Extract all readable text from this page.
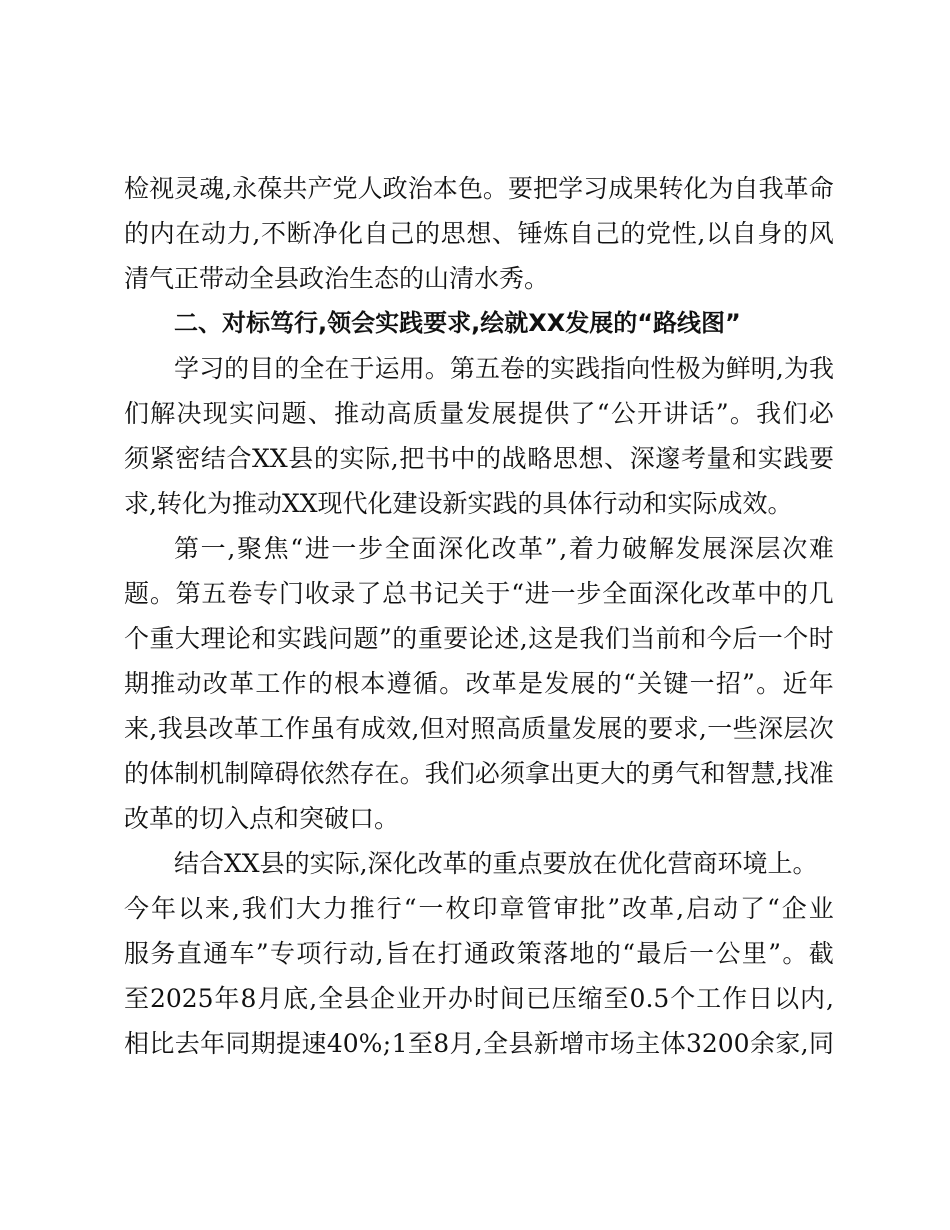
检 视 灵 魂 , 永 葆 共 产 党 人 政 治 本 色 。 要 把 学 习 成 果 转 化 为 自 我 革 命
的 内 在 动 力 , 不 断 净 化 自 己 的 思 想 、 锤 炼 自 己 的 党 性 , 以 自 身 的 风
清气正带动全县政治生态的山清水秀。
二、对标笃行,领会实践要求,绘就XX发展的“路线图”
学 习 的 目 的 全 在 于 运 用 。 第 五 卷 的 实 践 指 向 性 极 为 鲜 明 , 为 我
们 解 决 现 实 问 题 、 推 动 高 质 量 发 展 提 供 了 “ 公 开 讲 话 ” 。 我 们 必
须 紧 密 结 合 XX 县 的 实 际 , 把 书 中 的 战 略 思 想 、 深 邃 考 量 和 实 践 要
求,转化为推动XX现代化建设新实践的具体行动和实际成效。
第 一 , 聚 焦 “ 进 一 步 全 面 深 化 改 革 ” , 着 力 破 解 发 展 深 层 次 难
题 。 第 五 卷 专 门 收 录 了 总 书 记 关 于 “ 进 一 步 全 面 深 化 改 革 中 的 几
个 重 大 理 论 和 实 践 问 题 ” 的 重 要 论 述 , 这 是 我 们 当 前 和 今 后 一 个 时
期 推 动 改 革 工 作 的 根 本 遵 循 。 改 革 是 发 展 的 “ 关 键 一 招 ” 。 近 年
来 , 我 县 改 革 工 作 虽 有 成 效 , 但 对 照 高 质 量 发 展 的 要 求 , 一 些 深 层 次
的 体 制 机 制 障 碍 依 然 存 在 。 我 们 必 须 拿 出 更 大 的 勇 气 和 智 慧 , 找 准
改革的切入点和突破口。
结合XX县的实际,深化改革的重点要放在优化营商环境上。
今 年 以 来 , 我 们 大 力 推 行 “ 一 枚 印 章 管 审 批 ” 改 革 , 启 动 了 “ 企 业
服 务 直 通 车 ” 专 项 行 动 , 旨 在 打 通 政 策 落 地 的 “ 最 后 一 公 里 ” 。 截
至 2025 年 8 月 底 , 全 县 企 业 开 办 时 间 已 压 缩 至 0.5 个 工 作 日 以 内 ,
相 比 去 年 同 期 提 速 40% ; 1 至 8 月 , 全 县 新 增 市 场 主 体 3200 余 家 , 同
